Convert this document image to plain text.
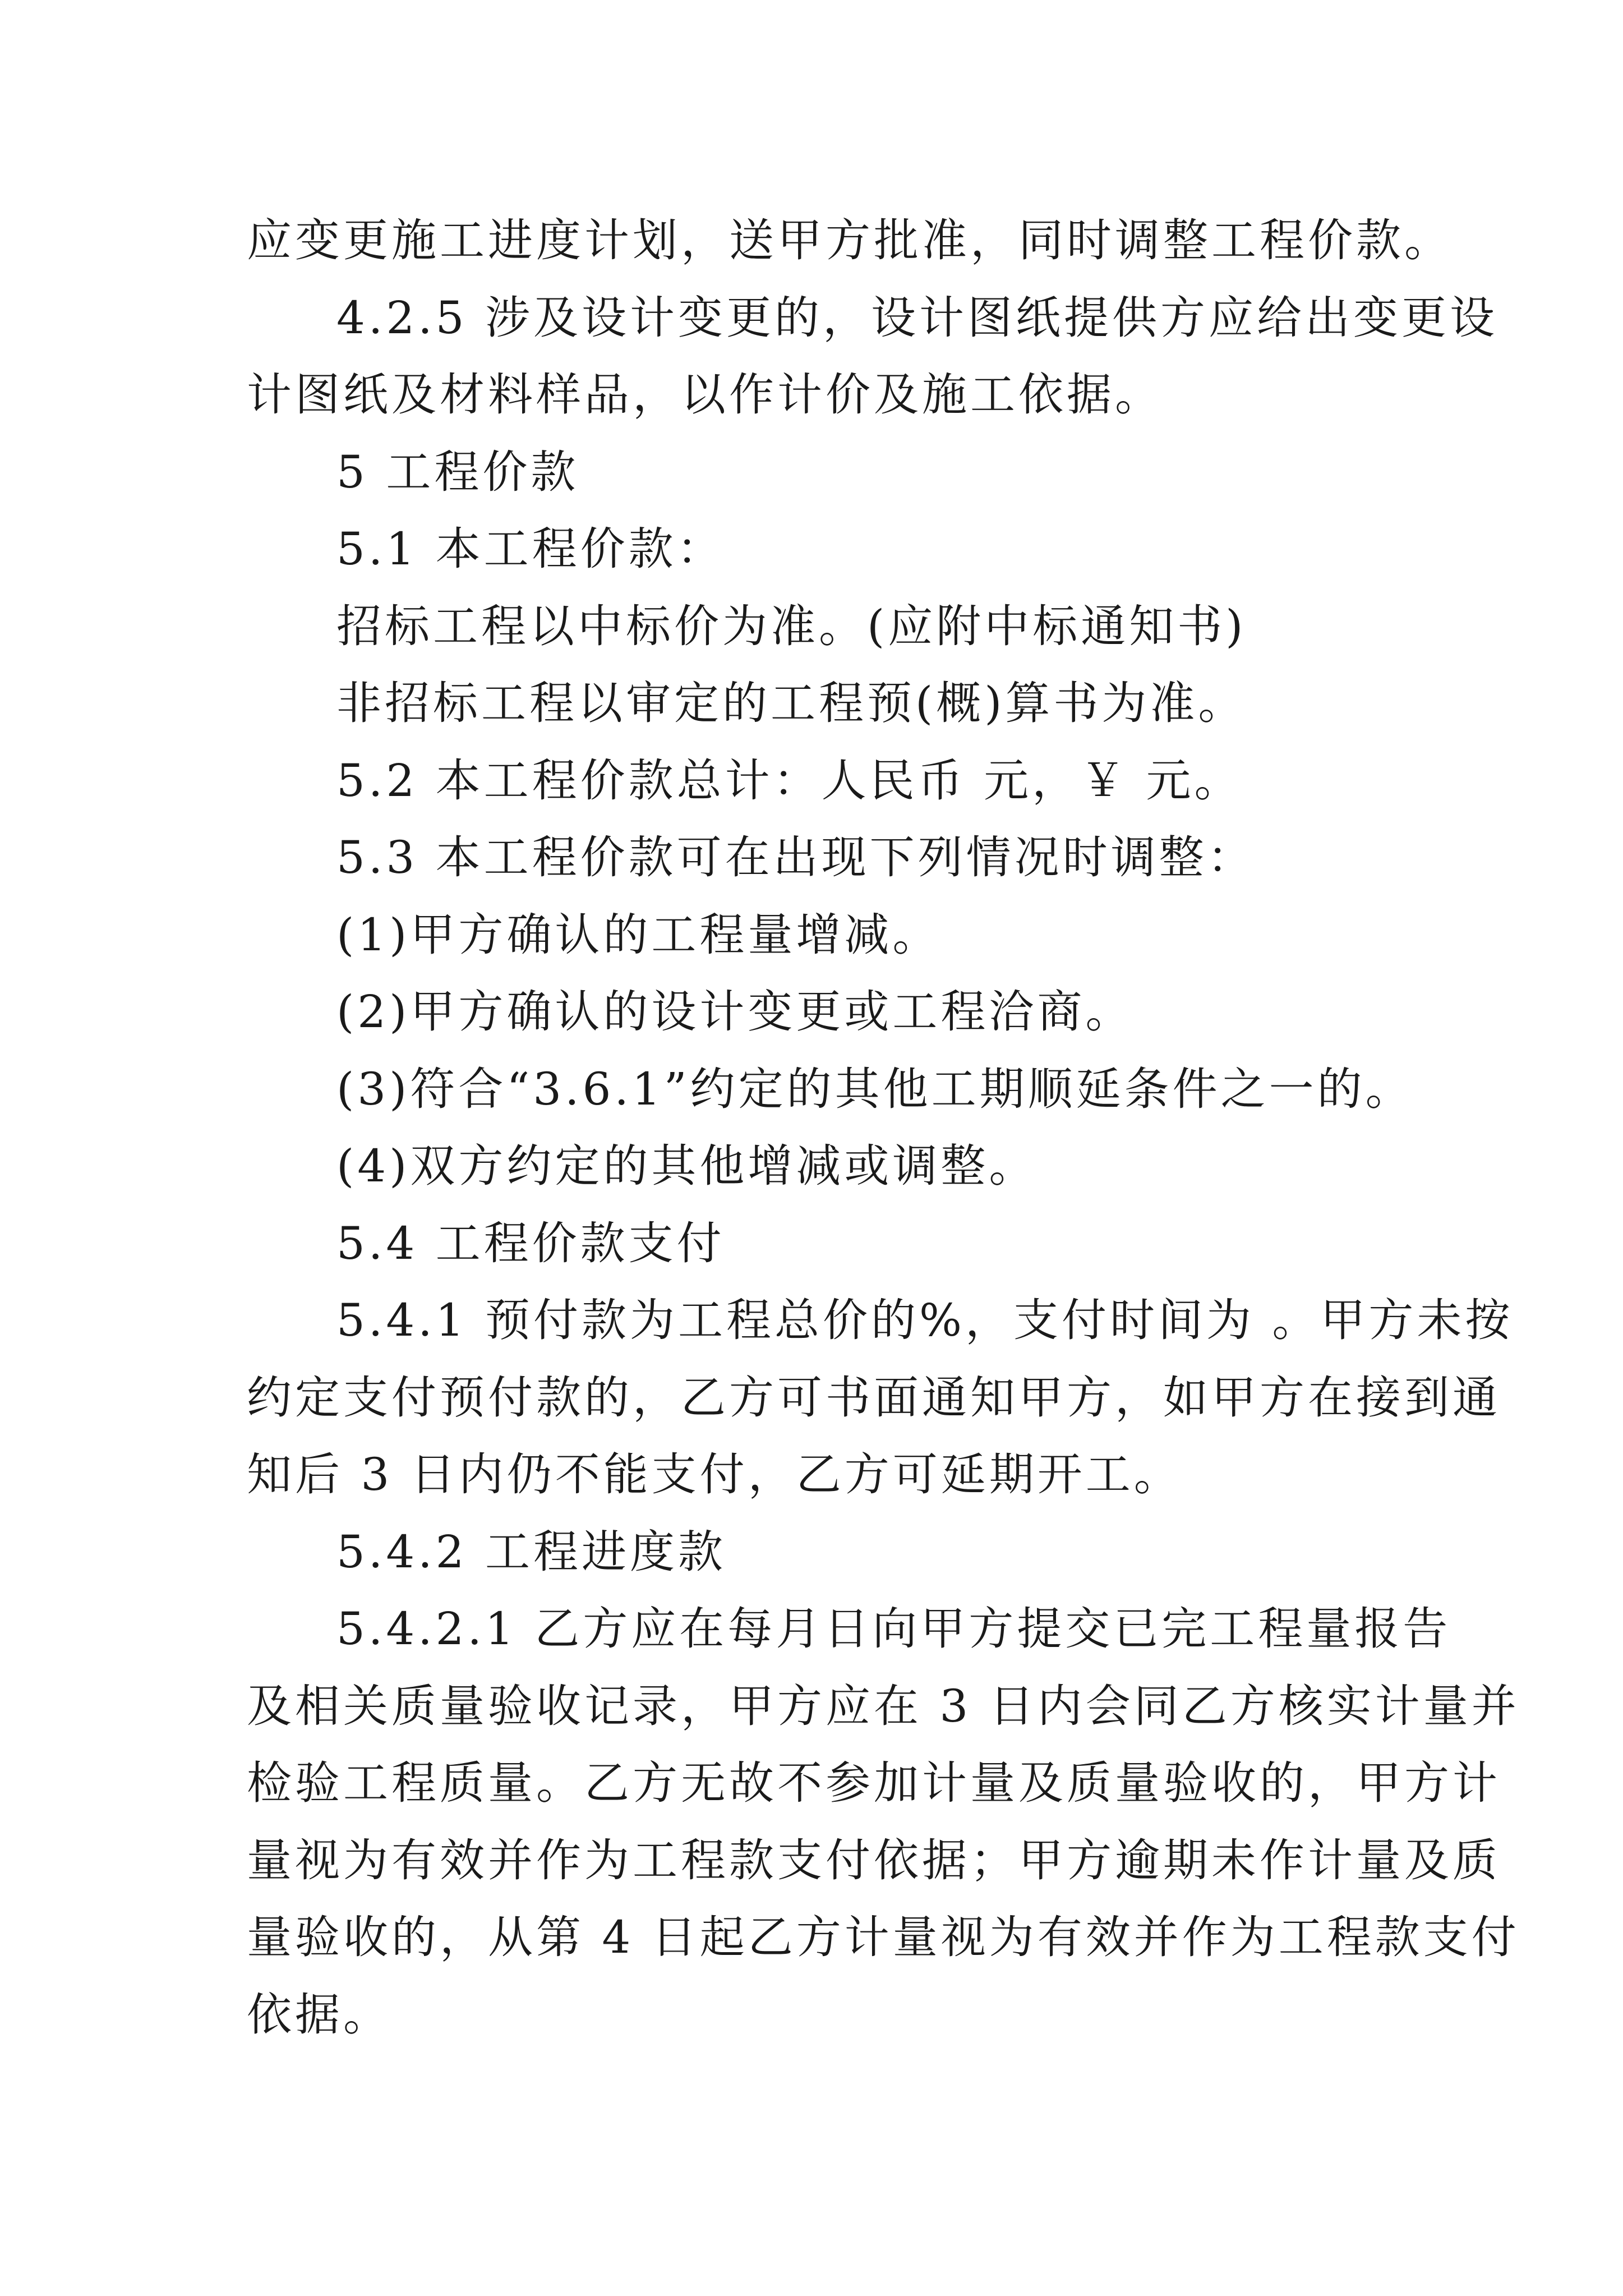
应变更施工进度计划，送甲方批准，同时调整工程价款。
4.2.5 涉及设计变更的，设计图纸提供方应给出变更设
计图纸及材料样品，以作计价及施工依据。
5 工程价款
5.1 本工程价款：
招标工程以中标价为准。(应附中标通知书)
非招标工程以审定的工程预(概)算书为准。
5.2 本工程价款总计：人民币 元，￥ 元。
5.3 本工程价款可在出现下列情况时调整：
(1)甲方确认的工程量增减。
(2)甲方确认的设计变更或工程洽商。
(3)符合“3.6.1”约定的其他工期顺延条件之一的。
(4)双方约定的其他增减或调整。
5.4 工程价款支付
5.4.1 预付款为工程总价的%，支付时间为 。甲方未按
约定支付预付款的，乙方可书面通知甲方，如甲方在接到通
知后 3 日内仍不能支付，乙方可延期开工。
5.4.2 工程进度款
5.4.2.1 乙方应在每月日向甲方提交已完工程量报告
及相关质量验收记录，甲方应在 3 日内会同乙方核实计量并
检验工程质量。乙方无故不参加计量及质量验收的，甲方计
量视为有效并作为工程款支付依据；甲方逾期未作计量及质
量验收的，从第 4 日起乙方计量视为有效并作为工程款支付
依据。
